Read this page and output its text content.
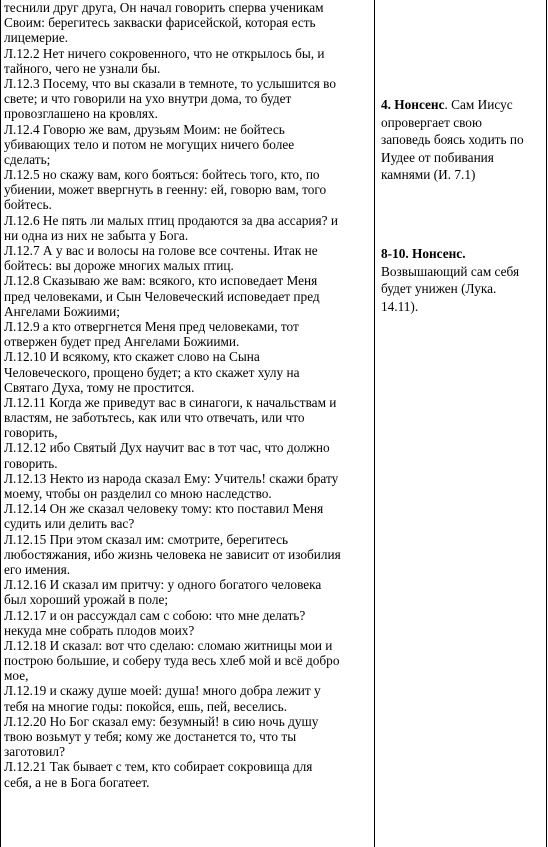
теснили друг друга, Он начал говорить сперва ученикам
Своим: берегитесь закваски фарисейской, которая есть
лицемерие.
Л.12.2 Нет ничего сокровенного, что не открылось бы, и
тайного, чего не узнали бы.
Л.12.3 Посему, что вы сказали в темноте, то услышится во
свете; и что говорили на ухо внутри дома, то будет
провозглашено на кровлях.
Л.12.4 Говорю же вам, друзьям Моим: не бойтесь
убивающих тело и потом не могущих ничего более
сделать;
Л.12.5 но скажу вам, кого бояться: бойтесь того, кто, по
убиении, может ввергнуть в геенну: ей, говорю вам, того
бойтесь.
Л.12.6 Не пять ли малых птиц продаются за два ассария? и
ни одна из них не забыта у Бога.
Л.12.7 А у вас и волосы на голове все сочтены. Итак не
бойтесь: вы дороже многих малых птиц.
Л.12.8 Сказываю же вам: всякого, кто исповедает Меня
пред человеками, и Сын Человеческий исповедает пред
Ангелами Божиими;
Л.12.9 а кто отвергнется Меня пред человеками, тот
отвержен будет пред Ангелами Божиими.
Л.12.10 И всякому, кто скажет слово на Сына
Человеческого, прощено будет; а кто скажет хулу на
Святаго Духа, тому не простится.
Л.12.11 Когда же приведут вас в синагоги, к начальствам и
властям, не заботьтесь, как или что отвечать, или что
говорить,
Л.12.12 ибо Святый Дух научит вас в тот час, что должно
говорить.
Л.12.13 Некто из народа сказал Ему: Учитель! скажи брату
моему, чтобы он разделил со мною наследство.
Л.12.14 Он же сказал человеку тому: кто поставил Меня
судить или делить вас?
Л.12.15 При этом сказал им: смотрите, берегитесь
любостяжания, ибо жизнь человека не зависит от изобилия
его имения.
Л.12.16 И сказал им притчу: у одного богатого человека
был хороший урожай в поле;
Л.12.17 и он рассуждал сам с собою: что мне делать?
некуда мне собрать плодов моих?
Л.12.18 И сказал: вот что сделаю: сломаю житницы мои и
построю большие, и соберу туда весь хлеб мой и всё добро
мое,
Л.12.19 и скажу душе моей: душа! много добра лежит у
тебя на многие годы: покойся, ешь, пей, веселись.
Л.12.20 Но Бог сказал ему: безумный! в сию ночь душу
твою возьмут у тебя; кому же достанется то, что ты
заготовил?
Л.12.21 Так бывает с тем, кто собирает сокровища для
себя, а не в Бога богатеет.
4. Нонсенс. Сам Иисус
опровергает свою
заповедь боясь ходить по
Иудее от побивания
камнями (И. 7.1)
8-10. Нонсенс.
Возвышающий сам себя
будет унижен (Лука.
14.11).
